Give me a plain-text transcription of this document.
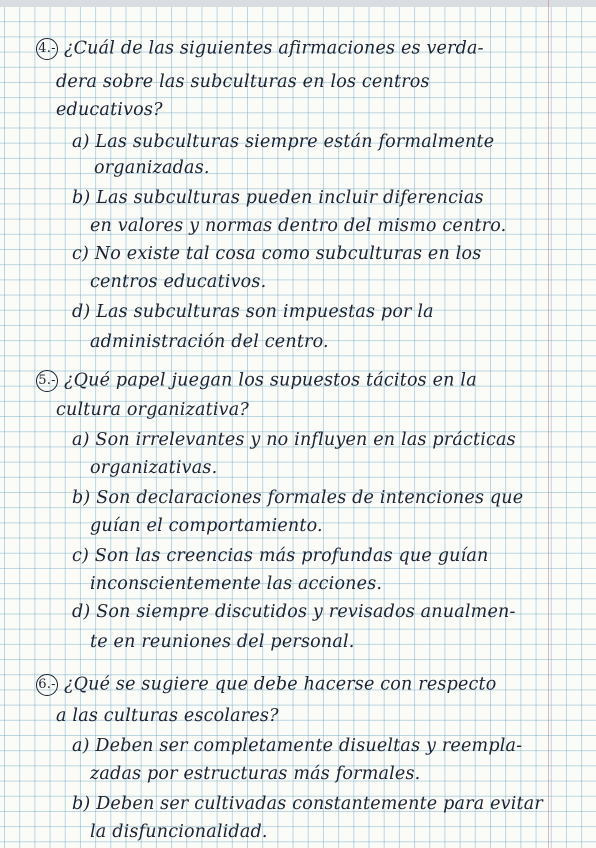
4.- ¿Cuál de las siguientes afirmaciones es verda-
dera sobre las subculturas en los centros
educativos?
a) Las subculturas siempre están formalmente
organizadas.
b) Las subculturas pueden incluir diferencias
en valores y normas dentro del mismo centro.
c) No existe tal cosa como subculturas en los
centros educativos.
d) Las subculturas son impuestas por la
administración del centro.
5.- ¿Qué papel juegan los supuestos tácitos en la
cultura organizativa?
a) Son irrelevantes y no influyen en las prácticas
organizativas.
b) Son declaraciones formales de intenciones que
guían el comportamiento.
c) Son las creencias más profundas que guían
inconscientemente las acciones.
d) Son siempre discutidos y revisados anualmen-
te en reuniones del personal.
6.- ¿Qué se sugiere que debe hacerse con respecto
a las culturas escolares?
a) Deben ser completamente disueltas y reempla-
zadas por estructuras más formales.
b) Deben ser cultivadas constantemente para evitar
la disfuncionalidad.
